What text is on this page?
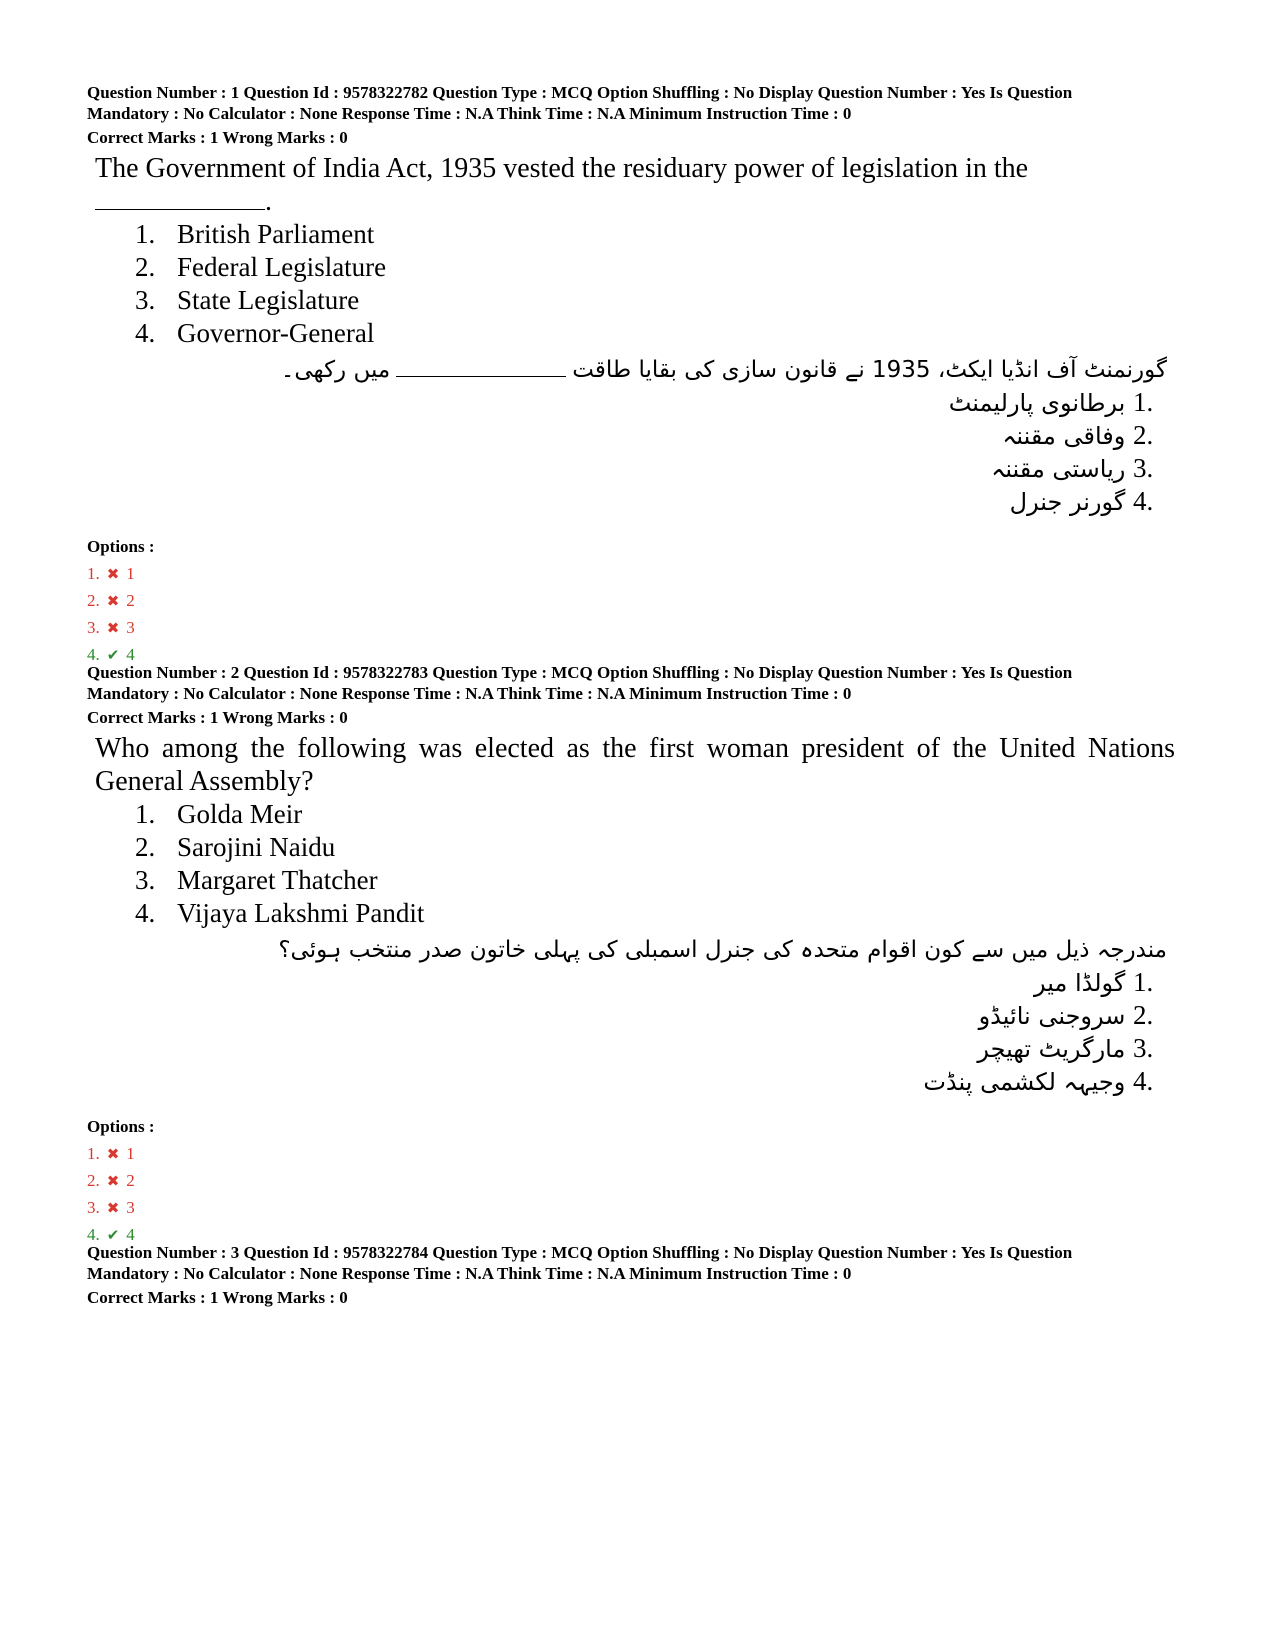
Question Number : 1 Question Id : 9578322782 Question Type : MCQ Option Shuffling : No Display Question Number : Yes Is Question
Mandatory : No Calculator : None Response Time : N.A Think Time : N.A Minimum Instruction Time : 0
Correct Marks : 1 Wrong Marks : 0
The Government of India Act, 1935 vested the residuary power of legislation in the
.
1. British Parliament
2. Federal Legislature
3. State Legislature
4. Governor-General
گورنمنٹ آف انڈیا ایکٹ، 1935 نے قانون سازی کی بقایا طاقتمیں رکھی۔
1. برطانوی پارلیمنٹ
2. وفاقی مقننہ
3. ریاستی مقننہ
4. گورنر جنرل
Options :
1. ✖ 1
2. ✖ 2
3. ✖ 3
4. ✔ 4
Question Number : 2 Question Id : 9578322783 Question Type : MCQ Option Shuffling : No Display Question Number : Yes Is Question
Mandatory : No Calculator : None Response Time : N.A Think Time : N.A Minimum Instruction Time : 0
Correct Marks : 1 Wrong Marks : 0
Who among the following was elected as the first woman president of the United Nations General Assembly?
1. Golda Meir
2. Sarojini Naidu
3. Margaret Thatcher
4. Vijaya Lakshmi Pandit
مندرجہ ذیل میں سے کون اقوام متحدہ کی جنرل اسمبلی کی پہلی خاتون صدر منتخب ہوئی؟
1. گولڈا میر
2. سروجنی نائیڈو
3. مارگریٹ تھیچر
4. وجیہہ لکشمی پنڈت
Options :
1. ✖ 1
2. ✖ 2
3. ✖ 3
4. ✔ 4
Question Number : 3 Question Id : 9578322784 Question Type : MCQ Option Shuffling : No Display Question Number : Yes Is Question
Mandatory : No Calculator : None Response Time : N.A Think Time : N.A Minimum Instruction Time : 0
Correct Marks : 1 Wrong Marks : 0
